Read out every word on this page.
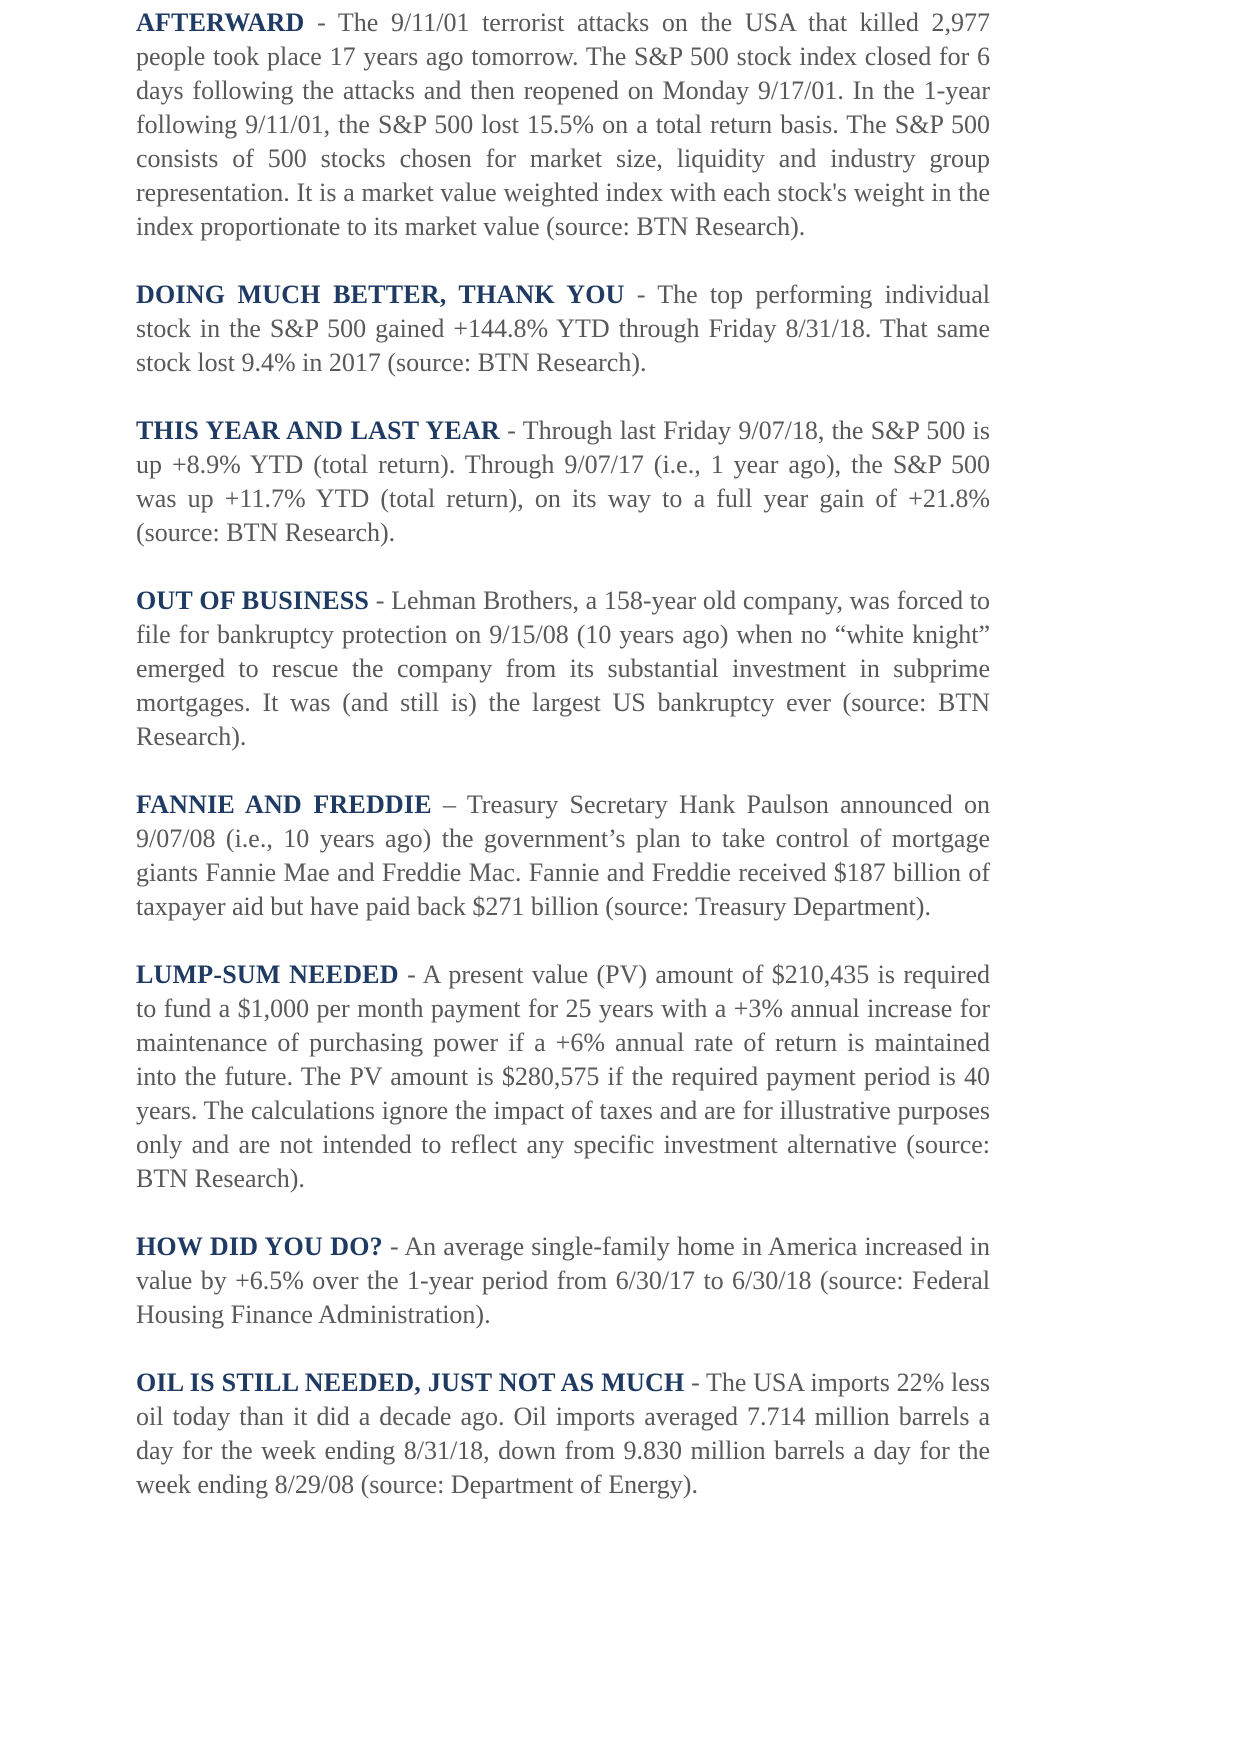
AFTERWARD - The 9/11/01 terrorist attacks on the USA that killed 2,977 people took place 17 years ago tomorrow. The S&P 500 stock index closed for 6 days following the attacks and then reopened on Monday 9/17/01. In the 1-year following 9/11/01, the S&P 500 lost 15.5% on a total return basis. The S&P 500 consists of 500 stocks chosen for market size, liquidity and industry group representation. It is a market value weighted index with each stock's weight in the index proportionate to its market value (source: BTN Research).

DOING MUCH BETTER, THANK YOU - The top performing individual stock in the S&P 500 gained +144.8% YTD through Friday 8/31/18. That same stock lost 9.4% in 2017 (source: BTN Research).

THIS YEAR AND LAST YEAR - Through last Friday 9/07/18, the S&P 500 is up +8.9% YTD (total return). Through 9/07/17 (i.e., 1 year ago), the S&P 500 was up +11.7% YTD (total return), on its way to a full year gain of +21.8% (source: BTN Research).

OUT OF BUSINESS - Lehman Brothers, a 158-year old company, was forced to file for bankruptcy protection on 9/15/08 (10 years ago) when no “white knight” emerged to rescue the company from its substantial investment in subprime mortgages. It was (and still is) the largest US bankruptcy ever (source: BTN Research).

FANNIE AND FREDDIE – Treasury Secretary Hank Paulson announced on 9/07/08 (i.e., 10 years ago) the government’s plan to take control of mortgage giants Fannie Mae and Freddie Mac. Fannie and Freddie received $187 billion of taxpayer aid but have paid back $271 billion (source: Treasury Department).

LUMP-SUM NEEDED - A present value (PV) amount of $210,435 is required to fund a $1,000 per month payment for 25 years with a +3% annual increase for maintenance of purchasing power if a +6% annual rate of return is maintained into the future. The PV amount is $280,575 if the required payment period is 40 years. The calculations ignore the impact of taxes and are for illustrative purposes only and are not intended to reflect any specific investment alternative (source: BTN Research).

HOW DID YOU DO? - An average single-family home in America increased in value by +6.5% over the 1-year period from 6/30/17 to 6/30/18 (source: Federal Housing Finance Administration).

OIL IS STILL NEEDED, JUST NOT AS MUCH - The USA imports 22% less oil today than it did a decade ago. Oil imports averaged 7.714 million barrels a day for the week ending 8/31/18, down from 9.830 million barrels a day for the week ending 8/29/08 (source: Department of Energy).
